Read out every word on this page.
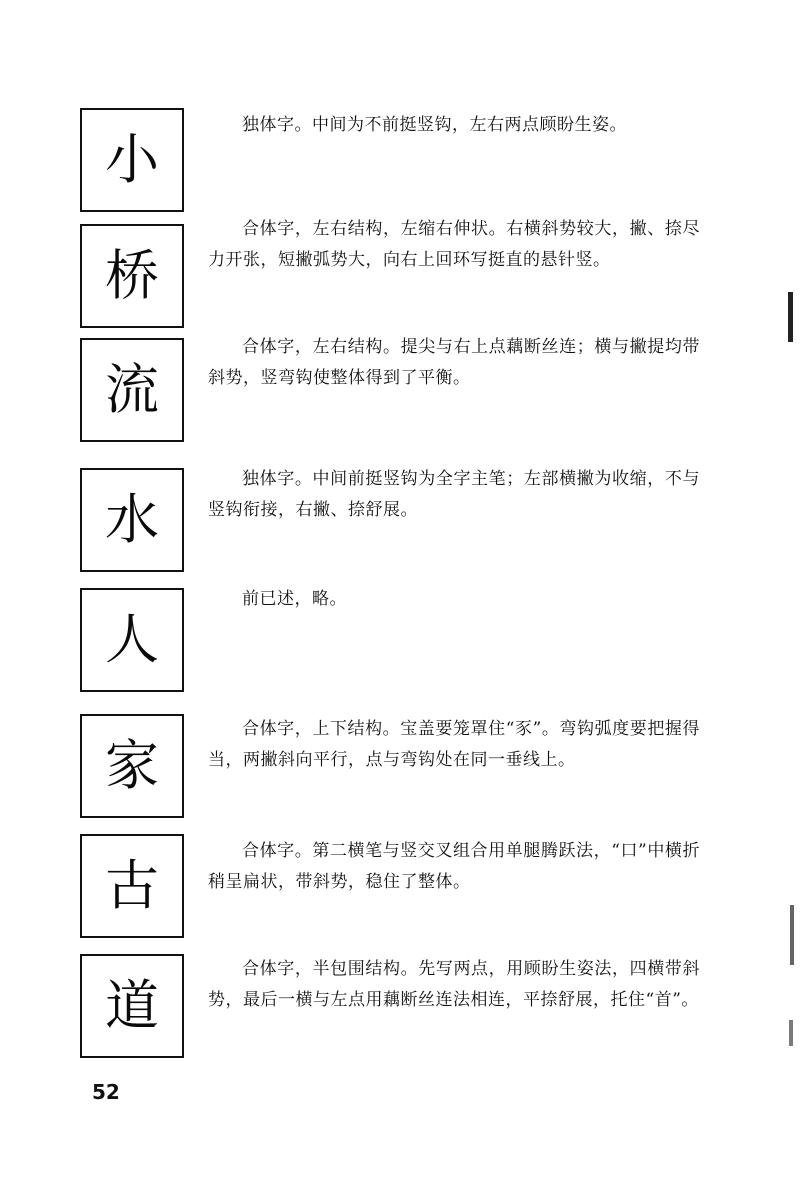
小

独体字。中间为不前挺竖钩，左右两点顾盼生姿。

桥

合体字，左右结构，左缩右伸状。右横斜势较大，撇、捺尽力开张，短撇弧势大，向右上回环写挺直的悬针竖。

流

合体字，左右结构。提尖与右上点藕断丝连；横与撇提均带斜势，竖弯钩使整体得到了平衡。

水

独体字。中间前挺竖钩为全字主笔；左部横撇为收缩，不与竖钩衔接，右撇、捺舒展。

人

前已述，略。

家

合体字，上下结构。宝盖要笼罩住“豕”。弯钩弧度要把握得当，两撇斜向平行，点与弯钩处在同一垂线上。

古

合体字。第二横笔与竖交叉组合用单腿腾跃法，“口”中横折稍呈扁状，带斜势，稳住了整体。

道

合体字，半包围结构。先写两点，用顾盼生姿法，四横带斜势，最后一横与左点用藕断丝连法相连，平捺舒展，托住“首”。

52
